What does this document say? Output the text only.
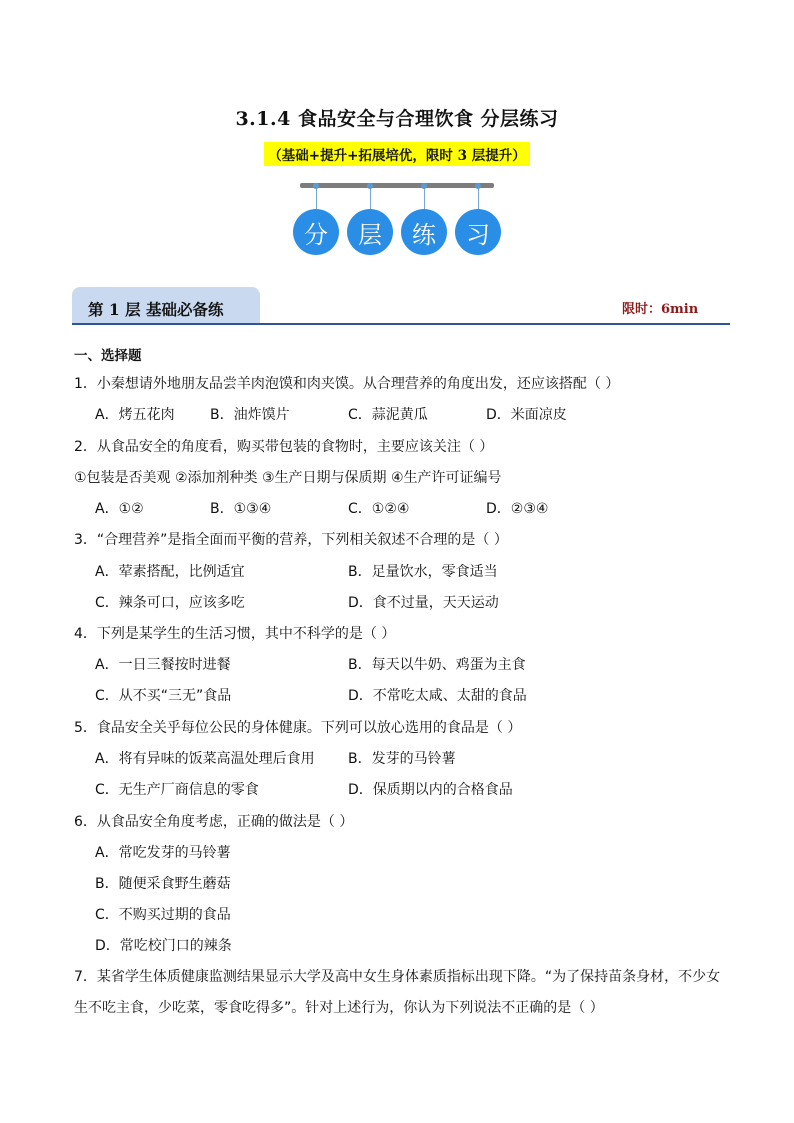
3.1.4 食品安全与合理饮食 分层练习
（基础+提升+拓展培优，限时 3 层提升）
分	层	练	习
第 1 层 基础必备练	限时：6min
一、选择题
1．小秦想请外地朋友品尝羊肉泡馍和肉夹馍。从合理营养的角度出发，还应该搭配（ ）
A．烤五花肉	B．油炸馍片	C．蒜泥黄瓜	D．米面凉皮
2．从食品安全的角度看，购买带包装的食物时，主要应该关注（ ）
①包装是否美观 ②添加剂种类 ③生产日期与保质期 ④生产许可证编号
A．①②	B．①③④	C．①②④	D．②③④
3．“合理营养”是指全面而平衡的营养，下列相关叙述不合理的是（ ）
A．荤素搭配，比例适宜	B．足量饮水，零食适当
C．辣条可口，应该多吃	D．食不过量，天天运动
4．下列是某学生的生活习惯，其中不科学的是（ ）
A．一日三餐按时进餐	B．每天以牛奶、鸡蛋为主食
C．从不买“三无”食品	D．不常吃太咸、太甜的食品
5．食品安全关乎每位公民的身体健康。下列可以放心选用的食品是（ ）
A．将有异味的饭菜高温处理后食用 B．发芽的马铃薯
C．无生产厂商信息的零食	D．保质期以内的合格食品
6．从食品安全角度考虑，正确的做法是（ ）
A．常吃发芽的马铃薯
B．随便采食野生蘑菇
C．不购买过期的食品
D．常吃校门口的辣条
7．某省学生体质健康监测结果显示大学及高中女生身体素质指标出现下降。“为了保持苗条身材，不少女
生不吃主食，少吃菜，零食吃得多”。针对上述行为，你认为下列说法不正确的是（ ）
